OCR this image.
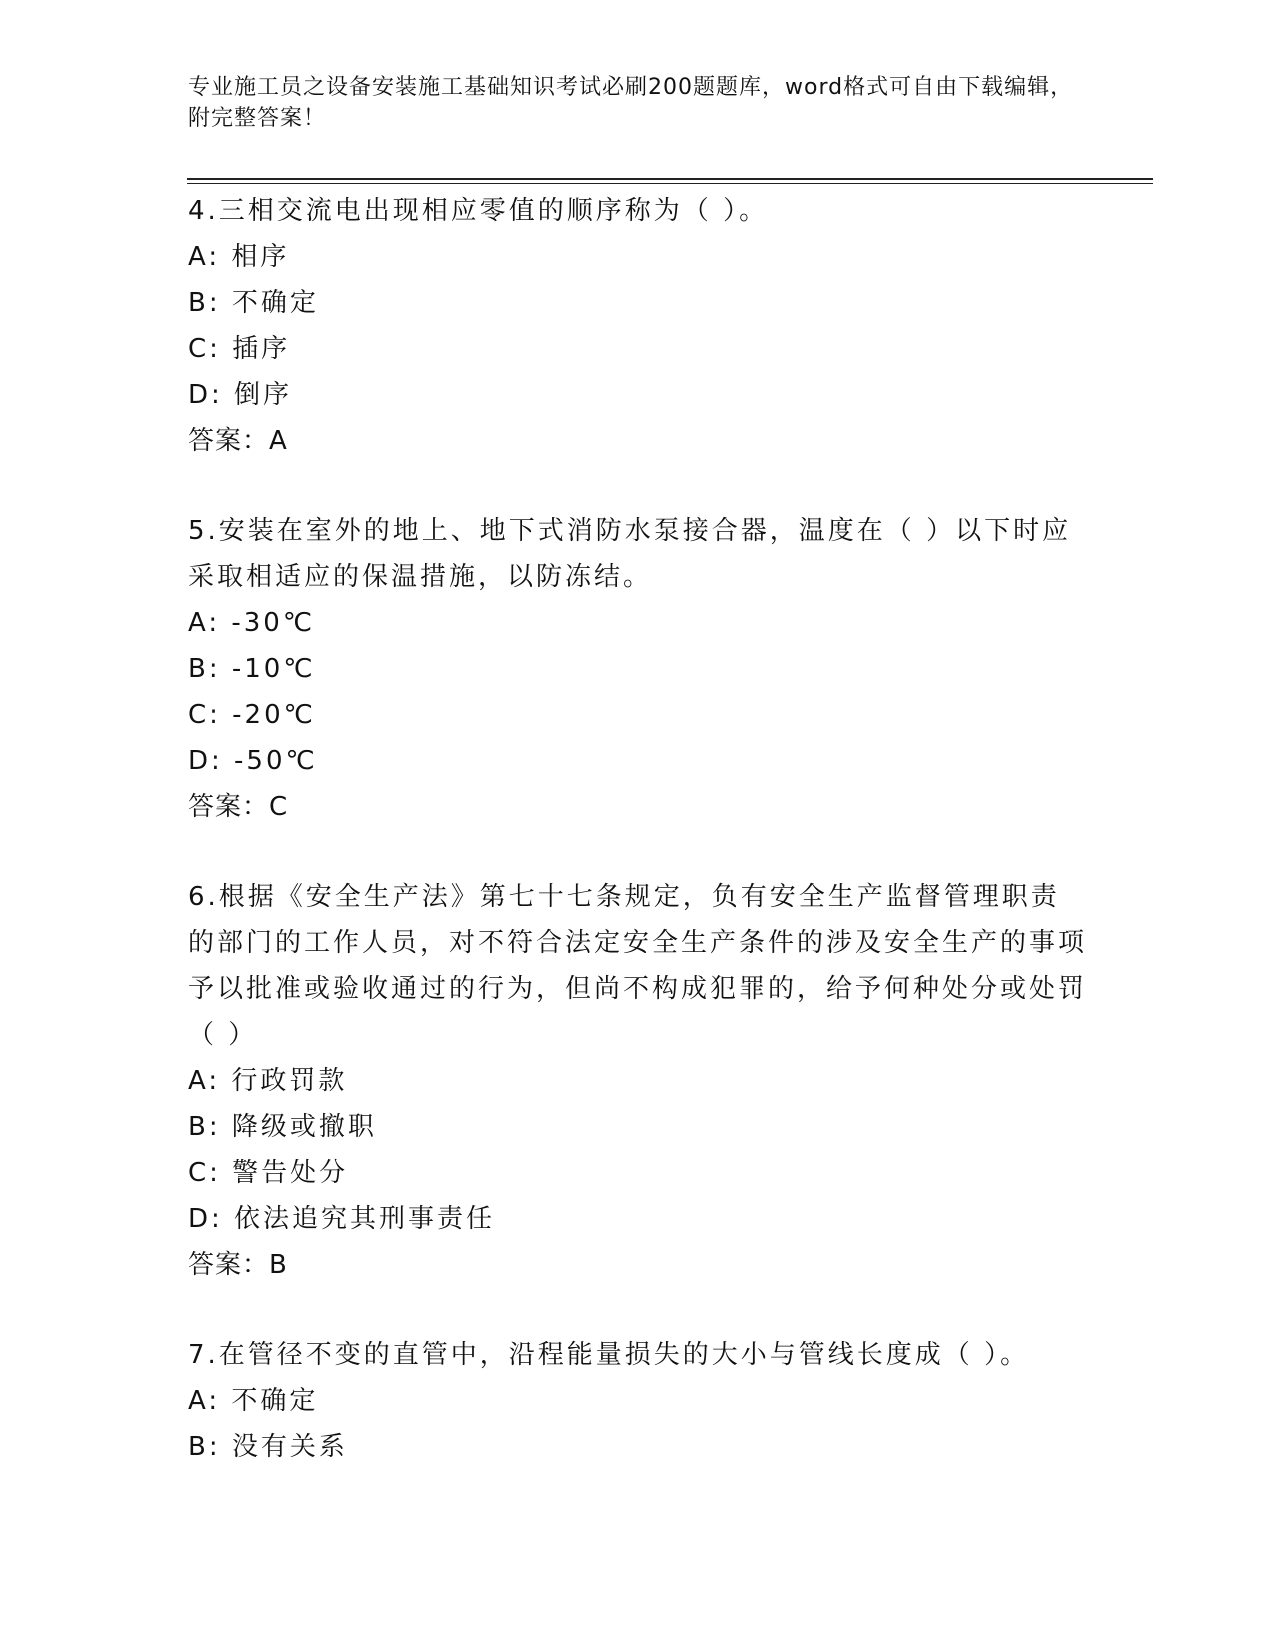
专业施工员之设备安装施工基础知识考试必刷200题题库，word格式可自由下载编辑，附完整答案！
4.三相交流电出现相应零值的顺序称为（ ）。
A: 相序
B: 不确定
C: 插序
D: 倒序
答案：A
5.安装在室外的地上、地下式消防水泵接合器，温度在（ ）以下时应采取相适应的保温措施，以防冻结。
A: -30℃
B: -10℃
C: -20℃
D: -50℃
答案：C
6.根据《安全生产法》第七十七条规定，负有安全生产监督管理职责的部门的工作人员，对不符合法定安全生产条件的涉及安全生产的事项予以批准或验收通过的行为，但尚不构成犯罪的，给予何种处分或处罚（ ）
A: 行政罚款
B: 降级或撤职
C: 警告处分
D: 依法追究其刑事责任
答案：B
7.在管径不变的直管中，沿程能量损失的大小与管线长度成（ ）。
A: 不确定
B: 没有关系
